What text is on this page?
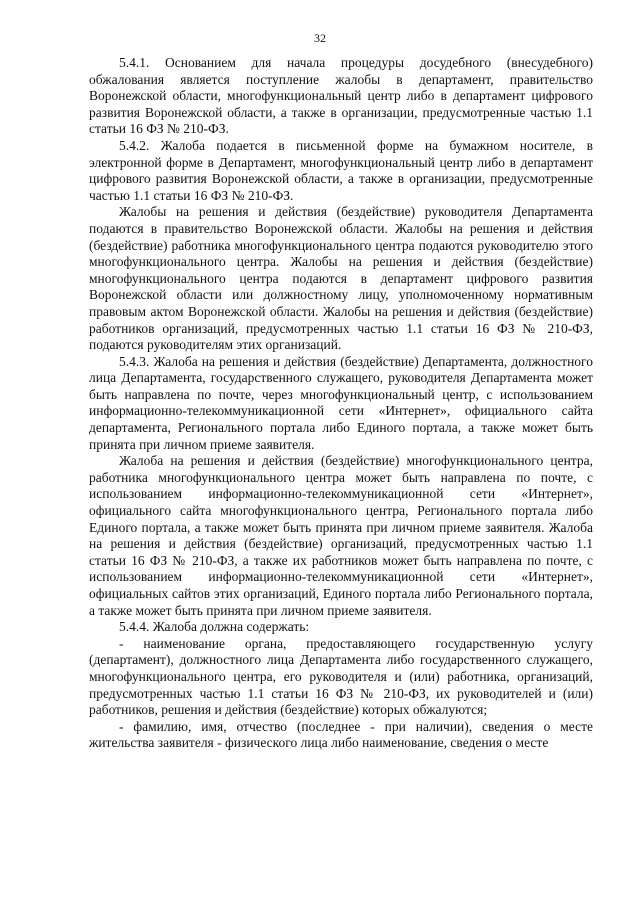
32

5.4.1. Основанием для начала процедуры досудебного (внесудебного) обжалования является поступление жалобы в департамент, правительство Воронежской области, многофункциональный центр либо в департамент цифрового развития Воронежской области, а также в организации, предусмотренные частью 1.1 статьи 16 ФЗ № 210-ФЗ.

5.4.2. Жалоба подается в письменной форме на бумажном носителе, в электронной форме в Департамент, многофункциональный центр либо в департамент цифрового развития Воронежской области, а также в организации, предусмотренные частью 1.1 статьи 16 ФЗ № 210-ФЗ.

Жалобы на решения и действия (бездействие) руководителя Департамента подаются в правительство Воронежской области. Жалобы на решения и действия (бездействие) работника многофункционального центра подаются руководителю этого многофункционального центра. Жалобы на решения и действия (бездействие) многофункционального центра подаются в департамент цифрового развития Воронежской области или должностному лицу, уполномоченному нормативным правовым актом Воронежской области. Жалобы на решения и действия (бездействие) работников организаций, предусмотренных частью 1.1 статьи 16 ФЗ № 210-ФЗ, подаются руководителям этих организаций.

5.4.3. Жалоба на решения и действия (бездействие) Департамента, должностного лица Департамента, государственного служащего, руководителя Департамента может быть направлена по почте, через многофункциональный центр, с использованием информационно-телекоммуникационной сети «Интернет», официального сайта департамента, Регионального портала либо Единого портала, а также может быть принята при личном приеме заявителя.

Жалоба на решения и действия (бездействие) многофункционального центра, работника многофункционального центра может быть направлена по почте, с использованием информационно-телекоммуникационной сети «Интернет», официального сайта многофункционального центра, Регионального портала либо Единого портала, а также может быть принята при личном приеме заявителя. Жалоба на решения и действия (бездействие) организаций, предусмотренных частью 1.1 статьи 16 ФЗ № 210-ФЗ, а также их работников может быть направлена по почте, с использованием информационно-телекоммуникационной сети «Интернет», официальных сайтов этих организаций, Единого портала либо Регионального портала, а также может быть принята при личном приеме заявителя.

5.4.4. Жалоба должна содержать:

- наименование органа, предоставляющего государственную услугу (департамент), должностного лица Департамента либо государственного служащего, многофункционального центра, его руководителя и (или) работника, организаций, предусмотренных частью 1.1 статьи 16 ФЗ № 210-ФЗ, их руководителей и (или) работников, решения и действия (бездействие) которых обжалуются;

- фамилию, имя, отчество (последнее - при наличии), сведения о месте жительства заявителя - физического лица либо наименование, сведения о месте
